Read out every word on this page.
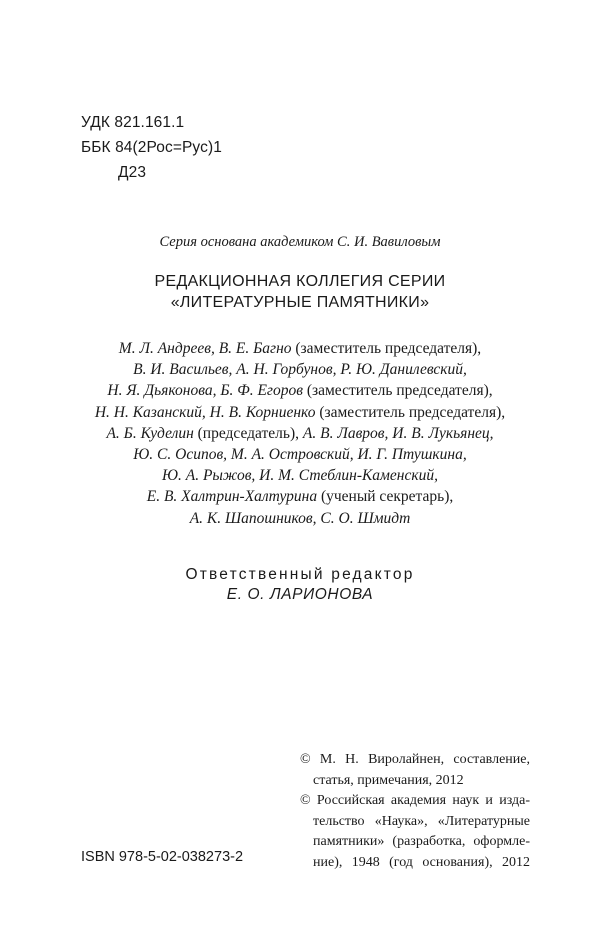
УДК 821.161.1
ББК 84(2Рос=Рус)1
Д23
Серия основана академиком С. И. Вавиловым
РЕДАКЦИОННАЯ КОЛЛЕГИЯ СЕРИИ
«ЛИТЕРАТУРНЫЕ ПАМЯТНИКИ»
М. Л. Андреев, В. Е. Багно (заместитель председателя),
В. И. Васильев, А. Н. Горбунов, Р. Ю. Данилевский,
Н. Я. Дьяконова, Б. Ф. Егоров (заместитель председателя),
Н. Н. Казанский, Н. В. Корниенко (заместитель председателя),
А. Б. Куделин (председатель), А. В. Лавров, И. В. Лукьянец,
Ю. С. Осипов, М. А. Островский, И. Г. Птушкина,
Ю. А. Рыжов, И. М. Стеблин-Каменский,
Е. В. Халтрин-Халтурина (ученый секретарь),
А. К. Шапошников, С. О. Шмидт
Ответственный редактор
Е. О. ЛАРИОНОВА
© М. Н. Виролайнен, составление,
статья, примечания, 2012
© Российская академия наук и изда-
тельство «Наука», «Литературные
памятники» (разработка, оформле-
ние), 1948 (год основания), 2012
ISBN 978-5-02-038273-2
